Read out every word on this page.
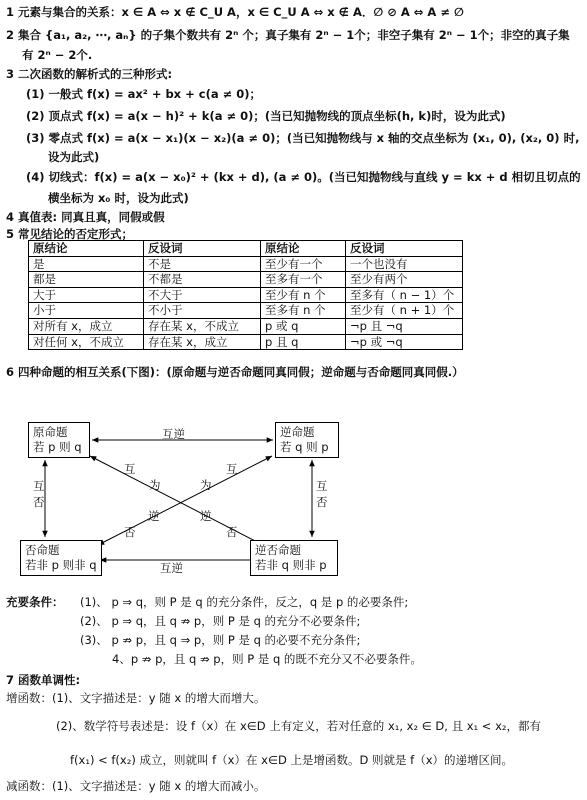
1 元素与集合的关系：x ∈ A ⇔ x ∉ C_U A，x ∈ C_U A ⇔ x ∉ A．∅ ⊘ A ⇔ A ≠ ∅
2 集合 {a₁, a₂, ⋯, aₙ} 的子集个数共有 2ⁿ 个；真子集有 2ⁿ − 1个；非空子集有 2ⁿ − 1个；非空的真子集
有 2ⁿ − 2个.
3 二次函数的解析式的三种形式:
(1) 一般式 f(x) = ax² + bx + c(a ≠ 0)；
(2) 顶点式 f(x) = a(x − h)² + k(a ≠ 0)；(当已知抛物线的顶点坐标(h, k)时，设为此式)
(3) 零点式 f(x) = a(x − x₁)(x − x₂)(a ≠ 0)；(当已知抛物线与 x 轴的交点坐标为 (x₁, 0), (x₂, 0) 时,
设为此式)
(4) 切线式：f(x) = a(x − x₀)² + (kx + d), (a ≠ 0)。(当已知抛物线与直线 y = kx + d 相切且切点的
横坐标为 x₀ 时，设为此式)
4 真值表: 同真且真，同假或假
5 常见结论的否定形式；
原结论	反设词	原结论	反设词
是	不是	至少有一个	一个也没有
都是	不都是	至多有一个	至少有两个
大于	不大于	至少有 n 个	至多有（ n − 1）个
小于	不小于	至多有 n 个	至少有（ n + 1）个
对所有 x，成立	存在某 x，不成立	p 或 q	¬p 且 ¬q
对任何 x，不成立	存在某 x，成立	p 且 q	¬p 或 ¬q
6 四种命题的相互关系(下图)：(原命题与逆否命题同真同假；逆命题与否命题同真同假.）
原命题
若 p 则 q
逆命题
若 q 则 p
否命题
若非 p 则非 q
逆否命题
若非 q 则非 p
互逆
互逆
互
否
互
否
互
为
逆
否
为
互
逆
否
充要条件： (1)、 p ⇒ q，则 P 是 q 的充分条件，反之，q 是 p 的必要条件;
(2)、 p ⇒ q，且 q ⇏ p，则 P 是 q 的充分不必要条件;
(3)、 p ⇏ p，且 q ⇒ p，则 P 是 q 的必要不充分条件;
4、p ⇏ p，且 q ⇏ p，则 P 是 q 的既不充分又不必要条件。
7 函数单调性:
增函数：(1)、文字描述是：y 随 x 的增大而增大。
(2)、数学符号表述是：设 f（x）在 x∈D 上有定义，若对任意的 x₁, x₂ ∈ D, 且 x₁ < x₂，都有
f(x₁) < f(x₂) 成立，则就叫 f（x）在 x∈D 上是增函数。D 则就是 f（x）的递增区间。
减函数：(1)、文字描述是：y 随 x 的增大而减小。
